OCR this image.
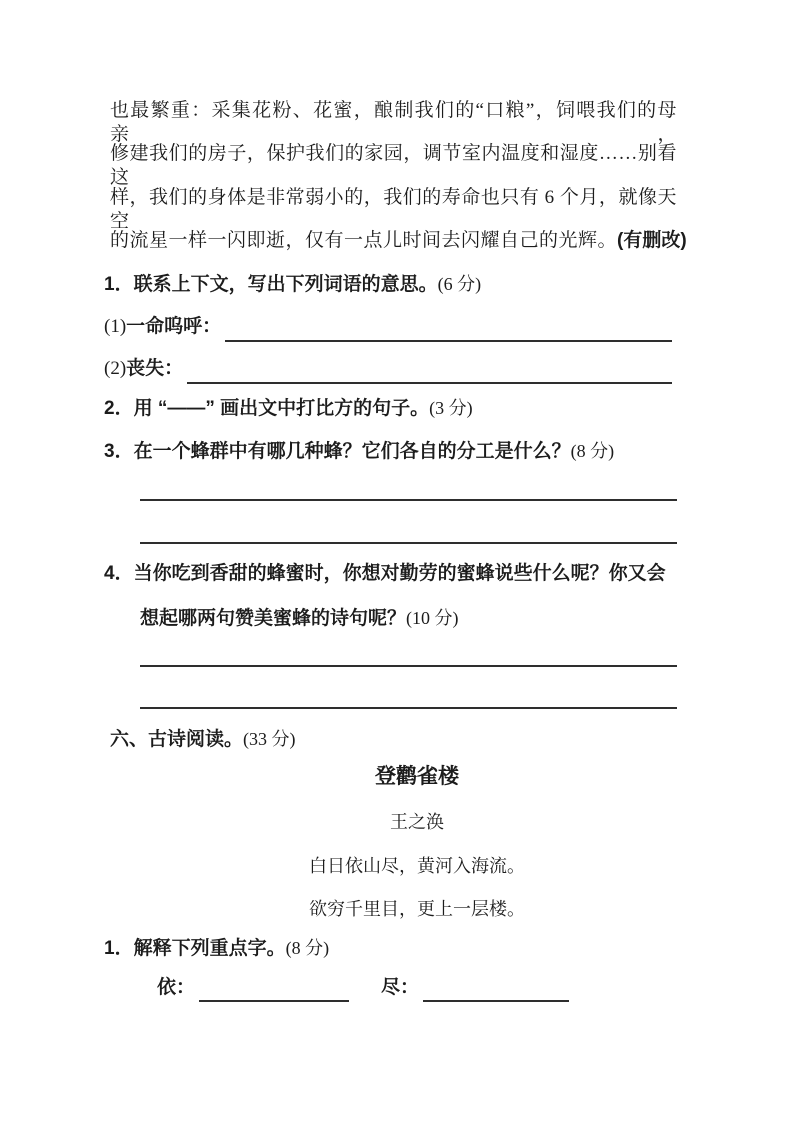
也最繁重：采集花粉、花蜜，酿制我们的“口粮”，饲喂我们的母亲，
修建我们的房子，保护我们的家园，调节室内温度和湿度……别看这
样，我们的身体是非常弱小的，我们的寿命也只有 6 个月，就像天空
的流星一样一闪即逝，仅有一点儿时间去闪耀自己的光辉。(有删改)
1．联系上下文，写出下列词语的意思。(6 分)
(1) 一命呜呼：
(2) 丧失：
2．用 “——” 画出文中打比方的句子。(3 分)
3．在一个蜂群中有哪几种蜂？它们各自的分工是什么？(8 分)
4．当你吃到香甜的蜂蜜时，你想对勤劳的蜜蜂说些什么呢？你又会
想起哪两句赞美蜜蜂的诗句呢？(10 分)
六、古诗阅读。(33 分)
登鹳雀楼
王之涣
白日依山尽，黄河入海流。
欲穷千里目，更上一层楼。
1．解释下列重点字。(8 分)
依：	尽：
